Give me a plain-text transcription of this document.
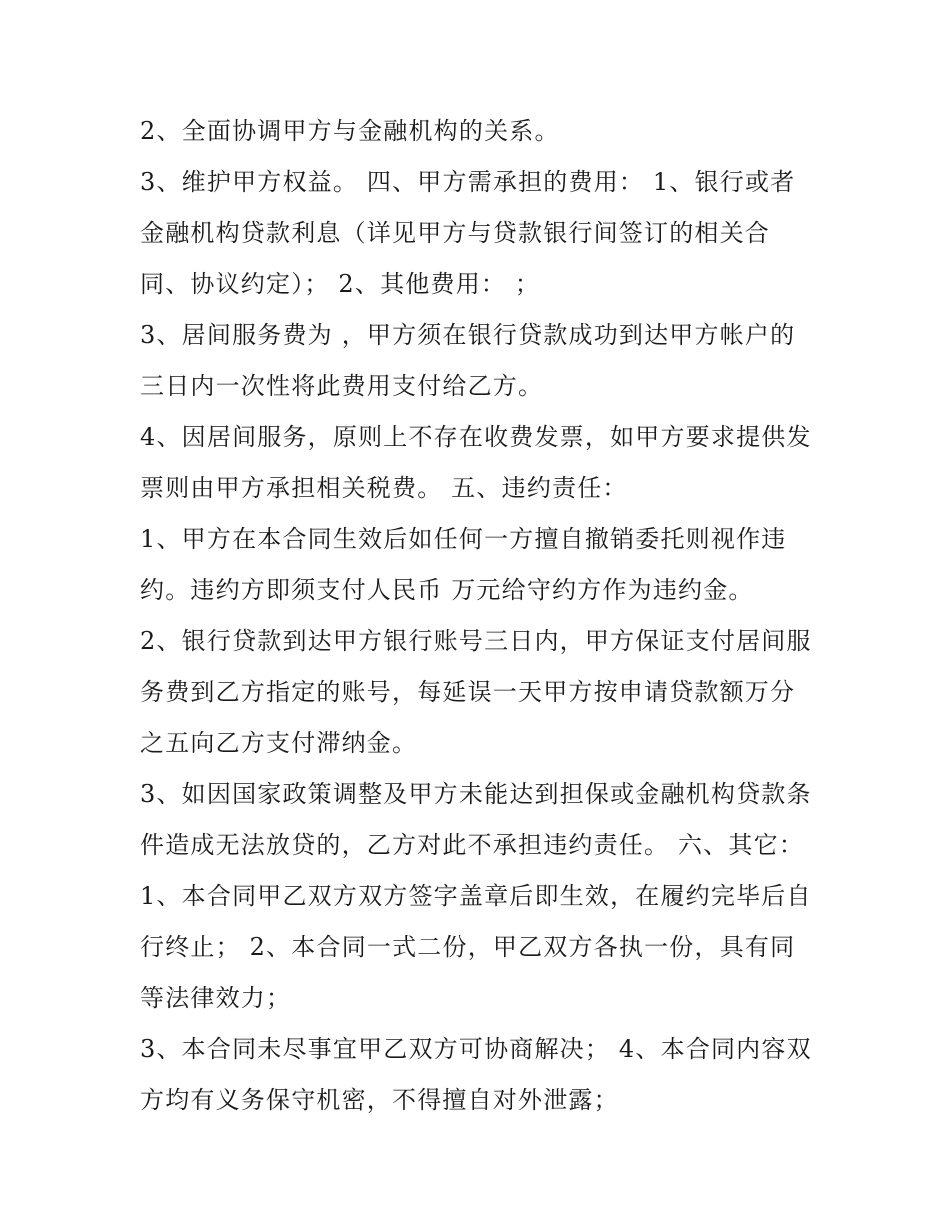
2、全面协调甲方与金融机构的关系。

3、维护甲方权益。 四、甲方需承担的费用： 1、银行或者金融机构贷款利息（详见甲方与贷款银行间签订的相关合同、协议约定）； 2、其他费用： ；

3、居间服务费为 ，甲方须在银行贷款成功到达甲方帐户的三日内一次性将此费用支付给乙方。

4、因居间服务，原则上不存在收费发票，如甲方要求提供发票则由甲方承担相关税费。 五、违约责任：

1、甲方在本合同生效后如任何一方擅自撤销委托则视作违约。违约方即须支付人民币 万元给守约方作为违约金。

2、银行贷款到达甲方银行账号三日内，甲方保证支付居间服务费到乙方指定的账号，每延误一天甲方按申请贷款额万分之五向乙方支付滞纳金。

3、如因国家政策调整及甲方未能达到担保或金融机构贷款条件造成无法放贷的，乙方对此不承担违约责任。 六、其它：

1、本合同甲乙双方双方签字盖章后即生效，在履约完毕后自行终止； 2、本合同一式二份，甲乙双方各执一份，具有同等法律效力；

3、本合同未尽事宜甲乙双方可协商解决； 4、本合同内容双方均有义务保守机密，不得擅自对外泄露；
